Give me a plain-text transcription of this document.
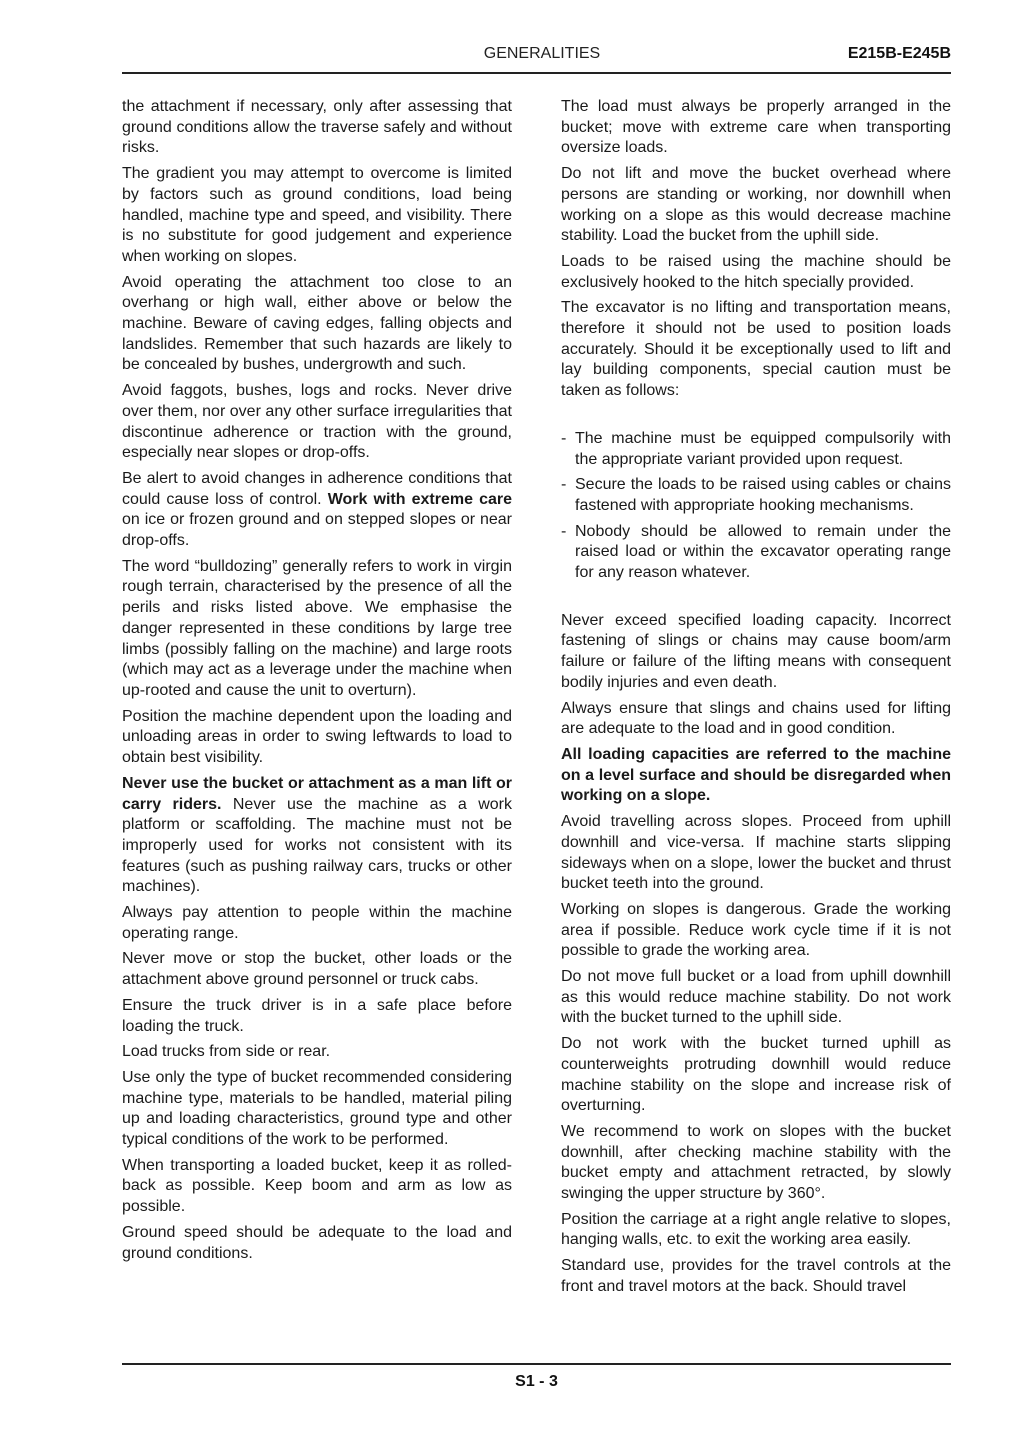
GENERALITIES	E215B-E245B

the attachment if necessary, only after assessing that ground conditions allow the traverse safely and without risks.

The gradient you may attempt to overcome is limited by factors such as ground conditions, load being handled, machine type and speed, and visibility. There is no substitute for good judgement and experience when working on slopes.

Avoid operating the attachment too close to an overhang or high wall, either above or below the machine. Beware of caving edges, falling objects and landslides. Remember that such hazards are likely to be concealed by bushes, undergrowth and such.

Avoid faggots, bushes, logs and rocks. Never drive over them, nor over any other surface irregularities that discontinue adherence or traction with the ground, especially near slopes or drop-offs.

Be alert to avoid changes in adherence conditions that could cause loss of control. Work with extreme care on ice or frozen ground and on stepped slopes or near drop-offs.

The word “bulldozing” generally refers to work in virgin rough terrain, characterised by the presence of all the perils and risks listed above. We emphasise the danger represented in these conditions by large tree limbs (possibly falling on the machine) and large roots (which may act as a leverage under the machine when up-rooted and cause the unit to overturn).

Position the machine dependent upon the loading and unloading areas in order to swing leftwards to load to obtain best visibility.

Never use the bucket or attachment as a man lift or carry riders. Never use the machine as a work platform or scaffolding. The machine must not be improperly used for works not consistent with its features (such as pushing railway cars, trucks or other machines).

Always pay attention to people within the machine operating range.

Never move or stop the bucket, other loads or the attachment above ground personnel or truck cabs.

Ensure the truck driver is in a safe place before loading the truck.

Load trucks from side or rear.

Use only the type of bucket recommended considering machine type, materials to be handled, material piling up and loading characteristics, ground type and other typical conditions of the work to be performed.

When transporting a loaded bucket, keep it as rolled-back as possible. Keep boom and arm as low as possible.

Ground speed should be adequate to the load and ground conditions.

The load must always be properly arranged in the bucket; move with extreme care when transporting oversize loads.

Do not lift and move the bucket overhead where persons are standing or working, nor downhill when working on a slope as this would decrease machine stability. Load the bucket from the uphill side.

Loads to be raised using the machine should be exclusively hooked to the hitch specially provided.

The excavator is no lifting and transportation means, therefore it should not be used to position loads accurately. Should it be exceptionally used to lift and lay building components, special caution must be taken as follows:

- The machine must be equipped compulsorily with the appropriate variant provided upon request.
- Secure the loads to be raised using cables or chains fastened with appropriate hooking mechanisms.
- Nobody should be allowed to remain under the raised load or within the excavator operating range for any reason whatever.

Never exceed specified loading capacity. Incorrect fastening of slings or chains may cause boom/arm failure or failure of the lifting means with consequent bodily injuries and even death.

Always ensure that slings and chains used for lifting are adequate to the load and in good condition.

All loading capacities are referred to the machine on a level surface and should be disregarded when working on a slope.

Avoid travelling across slopes. Proceed from uphill downhill and vice-versa. If machine starts slipping sideways when on a slope, lower the bucket and thrust bucket teeth into the ground.

Working on slopes is dangerous. Grade the working area if possible. Reduce work cycle time if it is not possible to grade the working area.

Do not move full bucket or a load from uphill downhill as this would reduce machine stability. Do not work with the bucket turned to the uphill side.

Do not work with the bucket turned uphill as counterweights protruding downhill would reduce machine stability on the slope and increase risk of overturning.

We recommend to work on slopes with the bucket downhill, after checking machine stability with the bucket empty and attachment retracted, by slowly swinging the upper structure by 360°.

Position the carriage at a right angle relative to slopes, hanging walls, etc. to exit the working area easily.

Standard use, provides for the travel controls at the front and travel motors at the back. Should travel

S1 - 3
